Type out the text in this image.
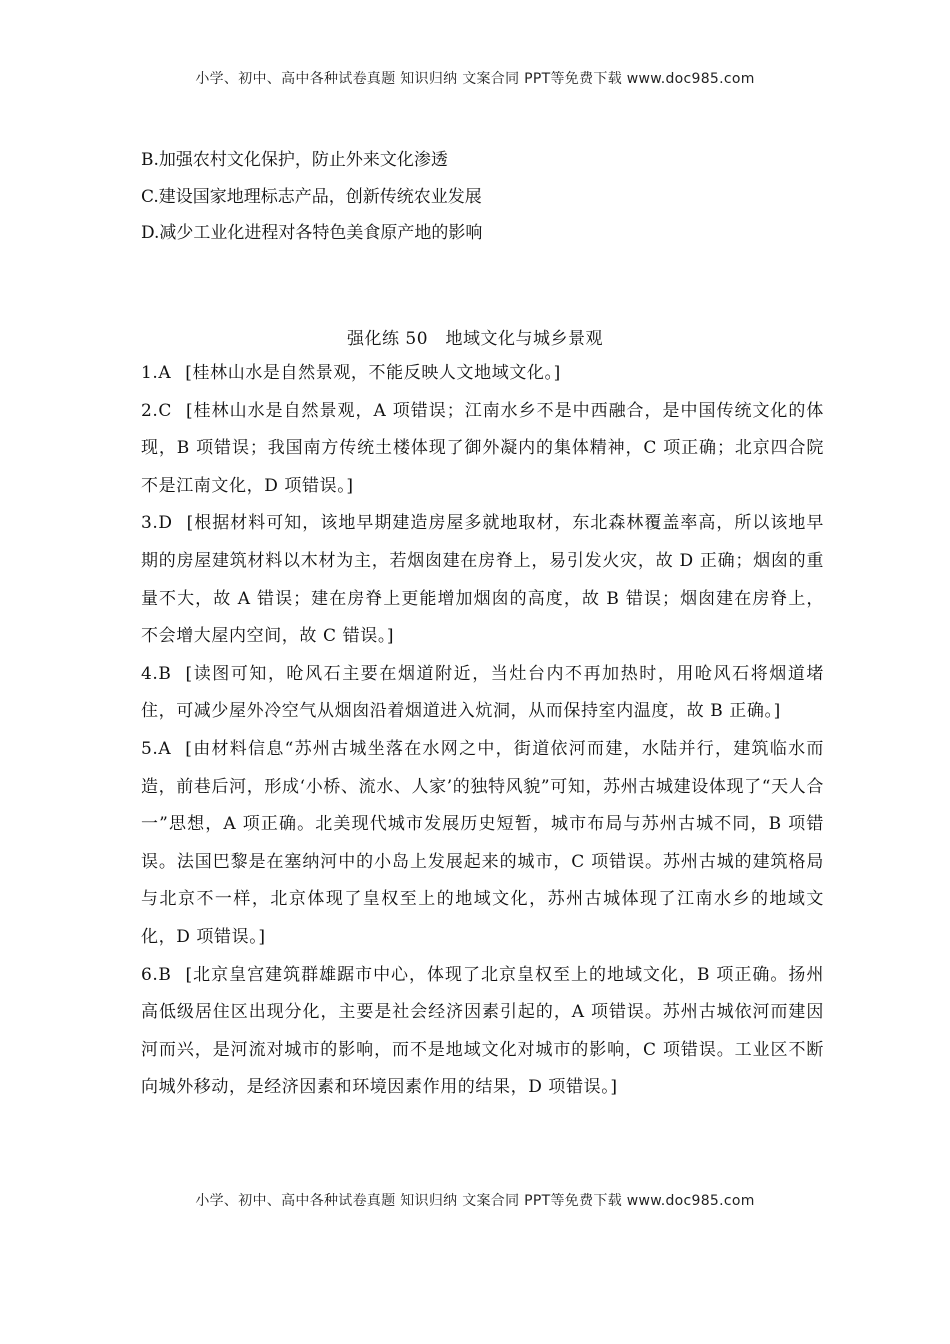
小学、初中、高中各种试卷真题 知识归纳 文案合同 PPT等免费下载 www.doc985.com
B.加强农村文化保护，防止外来文化渗透
C.建设国家地理标志产品，创新传统农业发展
D.减少工业化进程对各特色美食原产地的影响
强化练 50　地域文化与城乡景观
1.A [桂林山水是自然景观，不能反映人文地域文化。]
2.C [桂林山水是自然景观，A 项错误；江南水乡不是中西融合，是中国传统文化的体现，B 项错误；我国南方传统土楼体现了御外凝内的集体精神，C 项正确；北京四合院不是江南文化，D 项错误。]
3.D [根据材料可知，该地早期建造房屋多就地取材，东北森林覆盖率高，所以该地早期的房屋建筑材料以木材为主，若烟囱建在房脊上，易引发火灾，故 D 正确；烟囱的重量不大，故 A 错误；建在房脊上更能增加烟囱的高度，故 B 错误；烟囱建在房脊上，不会增大屋内空间，故 C 错误。]
4.B [读图可知，呛风石主要在烟道附近，当灶台内不再加热时，用呛风石将烟道堵住，可减少屋外冷空气从烟囱沿着烟道进入炕洞，从而保持室内温度，故 B 正确。]
5.A [由材料信息“苏州古城坐落在水网之中，街道依河而建，水陆并行，建筑临水而造，前巷后河，形成‘小桥、流水、人家’的独特风貌”可知，苏州古城建设体现了“天人合一”思想，A 项正确。北美现代城市发展历史短暂，城市布局与苏州古城不同，B 项错误。法国巴黎是在塞纳河中的小岛上发展起来的城市，C 项错误。苏州古城的建筑格局与北京不一样，北京体现了皇权至上的地域文化，苏州古城体现了江南水乡的地域文化，D 项错误。]
6.B [北京皇宫建筑群雄踞市中心，体现了北京皇权至上的地域文化，B 项正确。扬州高低级居住区出现分化，主要是社会经济因素引起的，A 项错误。苏州古城依河而建因河而兴，是河流对城市的影响，而不是地域文化对城市的影响，C 项错误。工业区不断向城外移动，是经济因素和环境因素作用的结果，D 项错误。]
小学、初中、高中各种试卷真题 知识归纳 文案合同 PPT等免费下载 www.doc985.com
